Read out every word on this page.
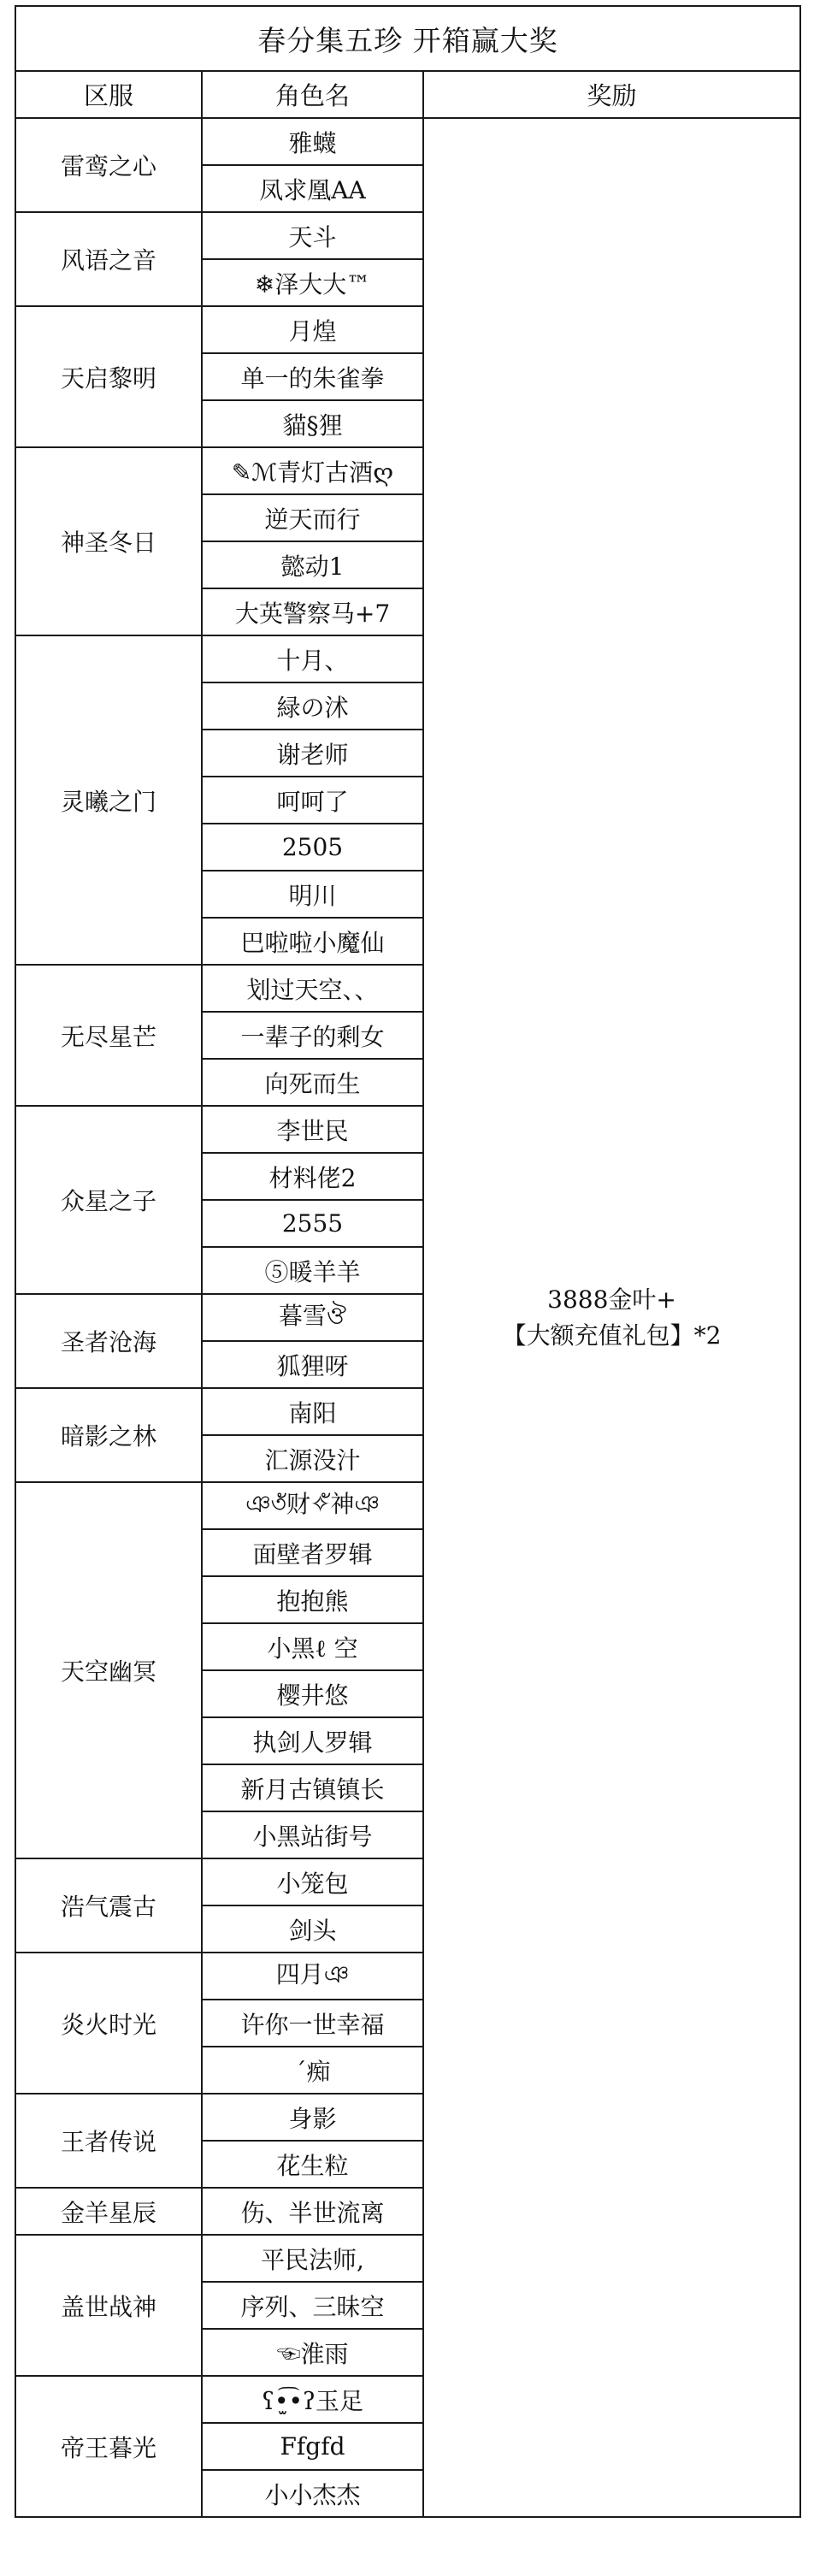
春分集五珍 开箱赢大奖		
区服	角色名	奖励
雷鸾之心	雅蠛	3888金叶+
【大额充值礼包】*2

	凤求凰AA	
风语之音	天斗	
	❄泽大大™	
天启黎明	月煌	
	单一的朱雀拳	
	貓§狸	
神圣冬日	✎ℳ青灯古酒ღ	
	逆天而行	
	懿动1	
	大英警察马+7	
灵曦之门	十月、	
	緑の沭	
	谢老师	
	呵呵了	
	2505	
	明川	
	巴啦啦小魔仙	
无尽星芒	划过天空、、	
	一辈子的剩女	
	向死而生	
众星之子	李世民	
	材料佬2	
	2555	
	⑤暖羊羊	
圣者沧海	暮雪ঔ	
	狐狸呀	
暗影之林	南阳	
	汇源没汁	
天空幽冥	ঞ৩ั财✧ั神ঞ	
	面壁者罗辑	
	抱抱熊	
	小黑ℓ 空	
	樱井悠	
	执剑人罗辑	
	新月古镇镇长	
	小黑站街号	
浩气震古	小笼包	
	剑头	
炎火时光	四月ঞ	
	许你一世幸福	
	ˊ痴	
王者传说	身影	
	花生粒	
金羊星辰	伤、半世流离	
盖世战神	平民法师,	
	序列、三昧空	
	☜淮雨	
帝王暮光	ʕ•̫͡•ʔ玉足	
	Ffgfd	
	小小杰杰	
